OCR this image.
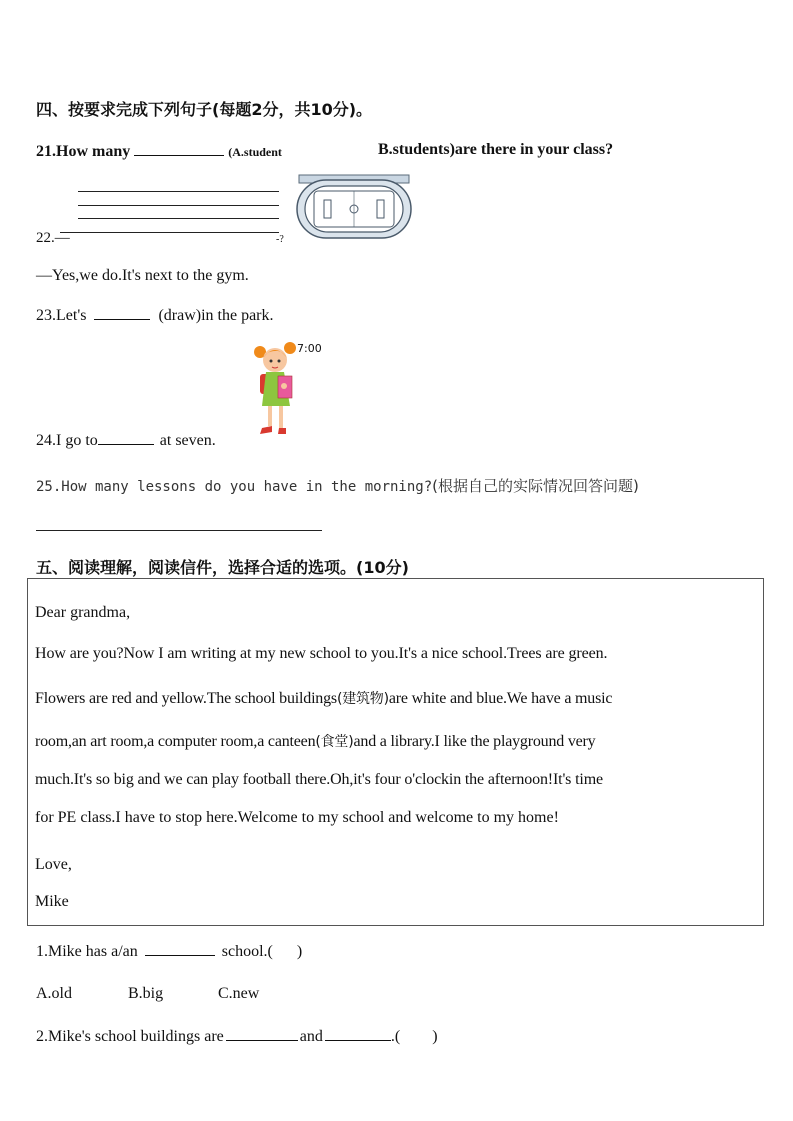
四、按要求完成下列句子(每题2分，共10分)。
21.How many	(A.student	B.students)are there in your class?
22.—	-?
—Yes,we do.It's next to the gym.
23.Let's	(draw)in the park.
7:00
24.I go to	at seven.
25.How many lessons do you have in the morning?(根据自己的实际情况回答问题)
五、阅读理解，阅读信件，选择合适的选项。(10分)
Dear grandma,
How are you?Now I am writing at my new school to you.It's a nice school.Trees are green.
Flowers are red and yellow.The school buildings(建筑物)are white and blue.We have a music
room,an art room,a computer room,a canteen(食堂)and a library.I like the playground very
much.It's so big and we can play football there.Oh,it's four o'clockin the afternoon!It's time
for PE class.I have to stop here.Welcome to my school and welcome to my home!
Love,
Mike
1.Mike has a/an	school.( )
A.old	B.big	C.new
2.Mike's school buildings are	and	.( )
